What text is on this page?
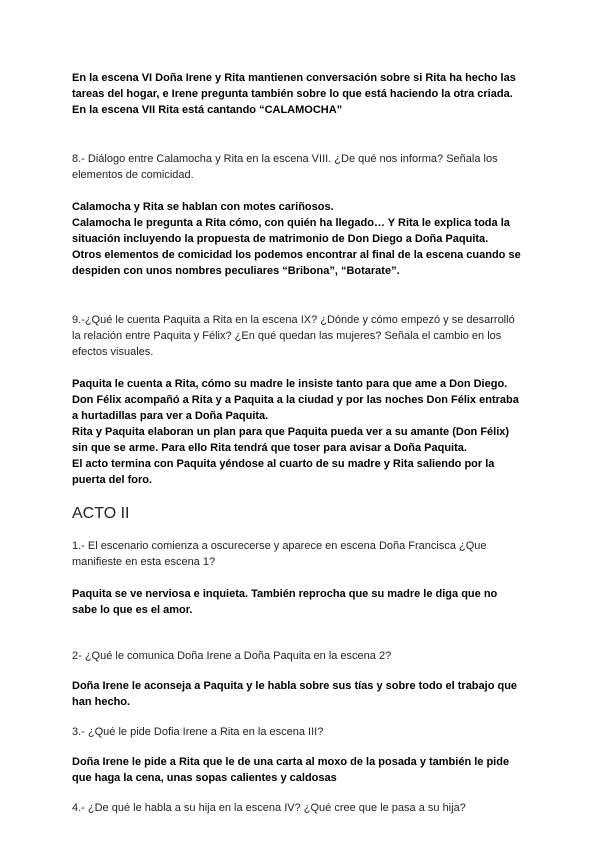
En la escena VI Doña Irene y Rita mantienen conversación sobre si Rita ha hecho las
tareas del hogar, e Irene pregunta también sobre lo que está haciendo la otra criada.
En la escena VII Rita está cantando “CALAMOCHA”
8.- Diálogo entre Calamocha y Rita en la escena VIII. ¿De qué nos informa? Señala los
elementos de comicidad.
Calamocha y Rita se hablan con motes cariñosos.
Calamocha le pregunta a Rita cómo, con quién ha llegado… Y Rita le explica toda la
situación incluyendo la propuesta de matrimonio de Don Diego a Doña Paquita.
Otros elementos de comicidad los podemos encontrar al final de la escena cuando se
despiden con unos nombres peculiares “Bribona”, “Botarate”.
9.-¿Qué le cuenta Paquita a Rita en la escena IX? ¿Dónde y cómo empezó y se desarrolló
la relación entre Paquita y Félix? ¿En qué quedan las mujeres? Señala el cambio en los
efectos visuales.
Paquita le cuenta a Rita, cómo su madre le insiste tanto para que ame a Don Diego.
Don Félix acompañó a Rita y a Paquita a la ciudad y por las noches Don Félix entraba
a hurtadillas para ver a Doña Paquita.
Rita y Paquita elaboran un plan para que Paquita pueda ver a su amante (Don Félix)
sin que se arme. Para ello Rita tendrá que toser para avisar a Doña Paquita.
El acto termina con Paquita yéndose al cuarto de su madre y Rita saliendo por la
puerta del foro.
ACTO II
1.- El escenario comienza a oscurecerse y aparece en escena Doña Francisca ¿Que
manifieste en esta escena 1?
Paquita se ve nerviosa e inquieta. También reprocha que su madre le diga que no
sabe lo que es el amor.
2- ¿Qué le comunica Doña Irene a Doña Paquita en la escena 2?
Doña Irene le aconseja a Paquita y le habla sobre sus tías y sobre todo el trabajo que
han hecho.
3.- ¿Qué le pide Dofia Irene a Rita en la escena III?
Doña Irene le pide a Rita que le de una carta al moxo de la posada y también le pide
que haga la cena, unas sopas calientes y caldosas
4.- ¿De qué le habla a su hija en la escena IV? ¿Qué cree que le pasa a su hija?
